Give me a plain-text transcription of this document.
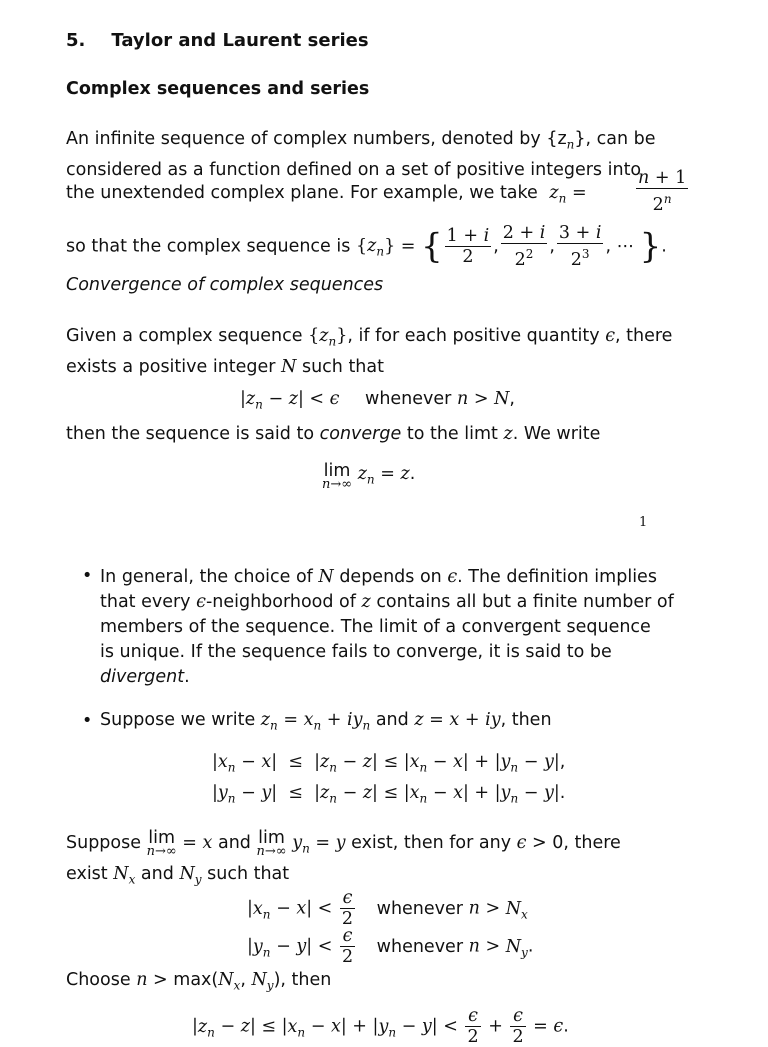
5. Taylor and Laurent series
Complex sequences and series
An infinite sequence of complex numbers, denoted by $\{z_n\}$, can be
considered as a function defined on a set of positive integers into
the unextended complex plane. For example, we take $z_n$ =	$\frac{n + 1}{2^n}$
so that the complex sequence is $\{z_n\}$ = { $\frac{1 + i}{2}$ , $\frac{2 + i}{2^2}$ , $\frac{3 + i}{2^3}$ , ⋯ }.
Convergence of complex sequences
Given a complex sequence $\{z_n\}$, if for each positive quantity ϵ, there
exists a positive integer N such that
$|z_n - z| < \epsilon$ whenever n > N,
then the sequence is said to converge to the limt z. We write
lim
n→∞
$z_n = z$.
1
• In general, the choice of N depends on ϵ. The definition implies
that every ϵ-neighborhood of z contains all but a finite number of
members of the sequence. The limit of a convergent sequence
is unique. If the sequence fails to converge, it is said to be
divergent.
• Suppose we write $z_n = x_n + iy_n$ and z = x + iy, then
$|x_n - x| \le |z_n - z| \le |x_n - x| + |y_n - y|$,
$|y_n - y| \le |z_n - z| \le |x_n - x| + |y_n - y|$.
Suppose lim
n→∞ = x and lim
n→∞ $y_n = y$ exist, then for any ϵ > 0, there
exist $N_x$ and $N_y$ such that
$|x_n - x| < \frac{\epsilon}{2}$ whenever $n > N_x$
$|y_n - y| < \frac{\epsilon}{2}$ whenever $n > N_y$.
Choose $n > \max(N_x$, $N_y$), then
$|z_n - z| \le |x_n - x| + |y_n - y| < \frac{\epsilon}{2} + \frac{\epsilon}{2} = \epsilon$.
